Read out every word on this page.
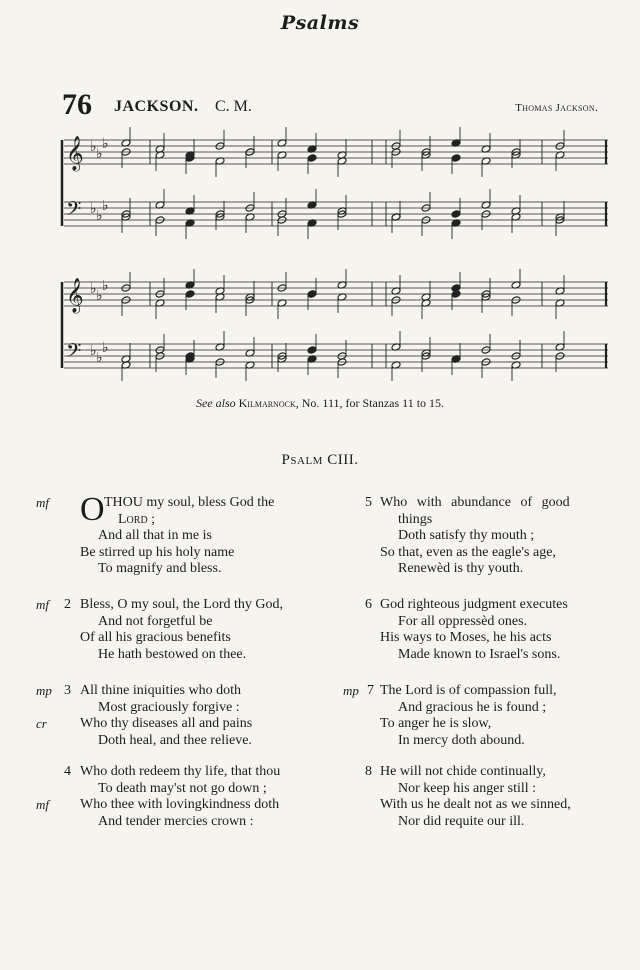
Psalms
76 JACKSON. C. M.	Thomas Jackson.
𝄞 ♭ ♭
♭
𝄢 ♭ ♭
♭
𝄞 ♭ ♭
♭
𝄢 ♭ ♭
♭
See also Kilmarnock, No. 111, for Stanzas 11 to 15.
Psalm CIII.
mf O THOU my soul, bless God the
Lord ;
And all that in me is
Be stirred up his holy name
To magnify and bless.
mf 2 Bless, O my soul, the Lord thy God,
And not forgetful be
Of all his gracious benefits
He hath bestowed on thee.
mp
cr
3 All thine iniquities who doth
Most graciously forgive :
Who thy diseases all and pains
Doth heal, and thee relieve.
mf
4 Who doth redeem thy life, that thou
To death may'st not go down ;
Who thee with lovingkindness doth
And tender mercies crown :
5 Who with abundance of good
things
Doth satisfy thy mouth ;
So that, even as the eagle's age,
Renewèd is thy youth.
6 God righteous judgment executes
For all oppressèd ones.
His ways to Moses, he his acts
Made known to Israel's sons.
mp 7 The Lord is of compassion full,
And gracious he is found ;
To anger he is slow,
In mercy doth abound.
8 He will not chide continually,
Nor keep his anger still :
With us he dealt not as we sinned,
Nor did requite our ill.
